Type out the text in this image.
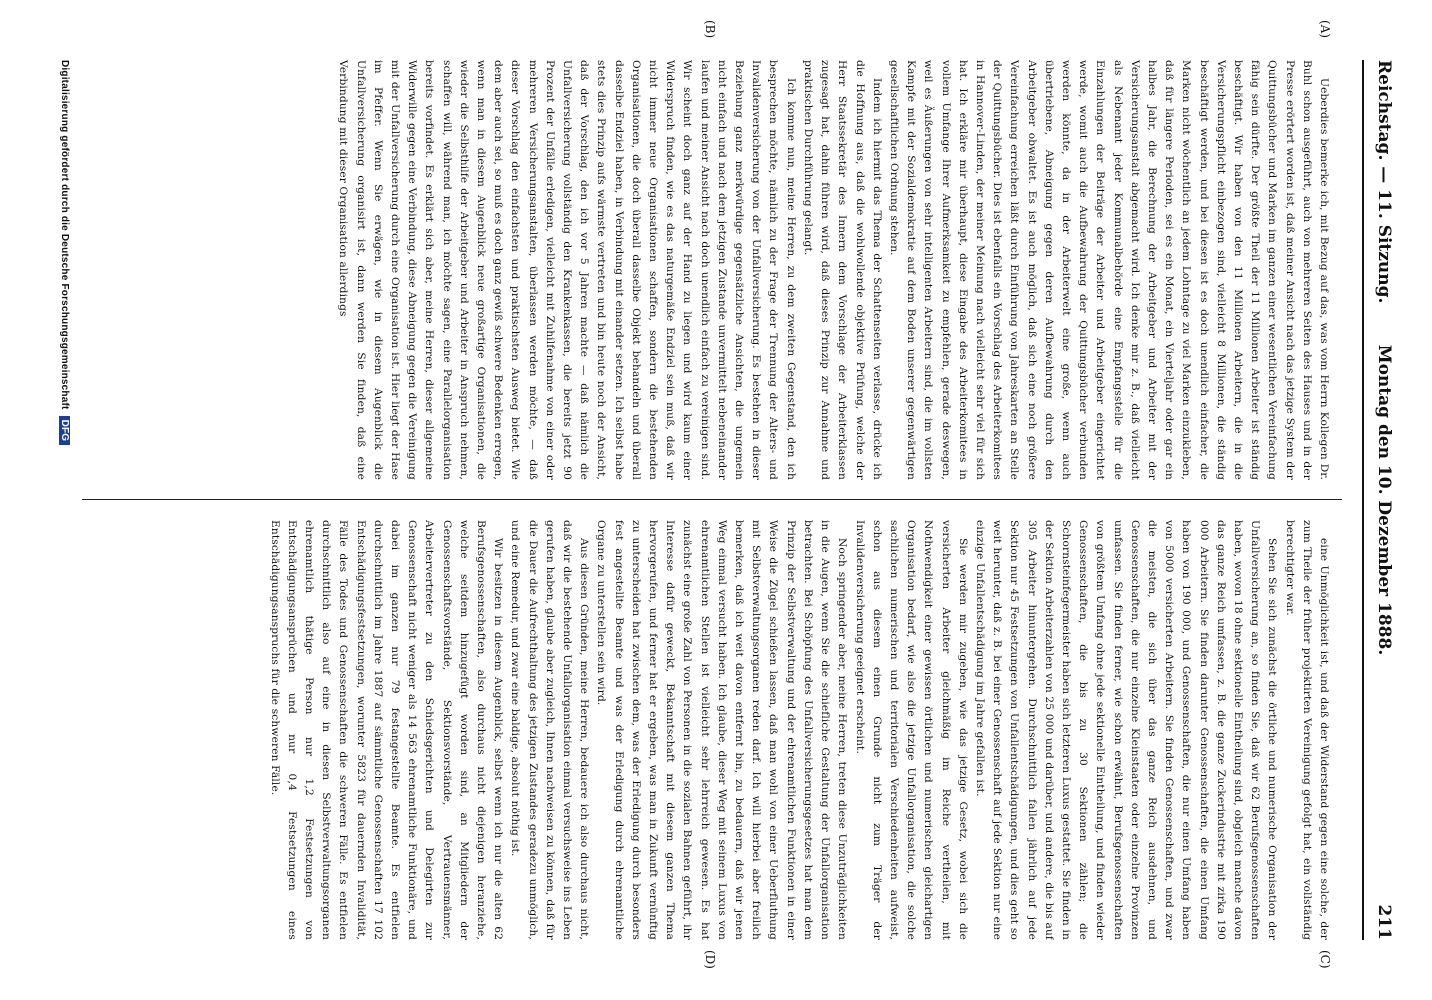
Reichstag. — 11. Sitzung.
Montag den 10. Dezember 1888.
211
(A)
(B)
(C)
(D)

Ueberdies bemerke ich, mit Bezug auf das, was vom Herrn Kollegen Dr. Buhl schon ausgeführt, auch von mehreren Seiten des Hauses und in der Presse erörtert worden ist, daß meiner Ansicht nach das jetzige System der Quittungsbücher und Marken im ganzen einer wesentlichen Vereinfachung fähig sein dürfte. Der größte Theil der 11 Millionen Arbeiter ist ständig beschäftigt. Wir haben von den 11 Millionen Arbeitern, die in die Versicherungspflicht einbezogen sind, vielleicht 8 Millionen, die ständig beschäftigt werden, und bei diesen ist es doch unendlich einfacher, die Marken nicht wöchentlich an jedem Lohntage zu viel Marken einzukleben, daß für längere Perioden, sei es ein Monat, ein Vierteljahr oder gar ein halbes Jahr, die Berechnung der Arbeitgeber und Arbeiter mit der Versicherungsanstalt abgemacht wird. Ich denke mir z. B., daß vielleicht als Nebenamt jeder Kommunalbehörde eine Empfangsstelle für die Einzahlungen der Beiträge der Arbeiter und Arbeitgeber eingerichtet werde, womit auch die Aufbewahrung der Quittungsbücher verbunden werden könnte, da in der Arbeiterwelt eine große, wenn auch übertriebene, Abneigung gegen deren Aufbewahrung durch den Arbeitgeber obwaltet. Es ist auch möglich, daß sich eine noch größere Vereinfachung erreichen läßt durch Einführung von Jahreskarten an Stelle der Quittungsbücher. Dies ist ebenfalls ein Vorschlag des Arbeiterkomitees in Hannover-Linden, der meiner Meinung nach vielleicht sehr viel für sich hat. Ich erkläre mir überhaupt, diese Eingabe des Arbeiterkomitees in vollem Umfange Ihrer Aufmerksamkeit zu empfehlen, gerade deswegen, weil es Äußerungen von sehr intelligenten Arbeitern sind, die im vollsten Kampfe mit der Sozialdemokratie auf dem Boden unserer gegenwärtigen gesellschaftlichen Ordnung stehen.

Indem ich hiermit das Thema der Schattenseiten verlasse, drücke ich die Hoffnung aus, daß die wohlwollende objektive Prüfung, welche der Herr Staatssekretär des Innern dem Vorschlage der Arbeiterklassen zugesagt hat, dahin führen wird, daß dieses Prinzip zur Annahme und praktischen Durchführung gelangt.

Ich komme nun, meine Herren, zu dem zweiten Gegenstand, den ich besprechen möchte, nämlich zu der Frage der Trennung der Alters- und Invalidenversicherung von der Unfallversicherung. Es bestehen in dieser Beziehung ganz merkwürdige gegensätzliche Ansichten, die ungemein nicht einfach und nach dem jetzigen Zustande unvermittelt nebeneinander laufen und meiner Ansicht nach doch unendlich einfach zu vereinigen sind. Wir scheint doch ganz auf der Hand zu liegen und wird kaum einer Widerspruch finden, wie es das naturgemäße Endziel sein muß, daß wir nicht immer neue Organisationen schaffen, sondern die bestehenden Organisationen, die doch überall dasselbe Objekt behandeln und überall dasselbe Endziel haben, in Verbindung mit einander setzen. Ich selbst habe stets dies Prinzip aufs wärmste vertreten und bin heute noch der Ansicht, daß der Vorschlag, den ich vor 5 Jahren machte — daß nämlich die Unfallversicherung vollständig den Krankenkassen, die bereits jetzt 90 Prozent der Unfälle erledigen, vielleicht mit Zuhilfenahme von einer oder mehreren Versicherungsanstalten, überlassen werden möchte, — daß dieser Vorschlag den einfachsten und praktischsten Ausweg bietet. Wie dem aber auch sei, so muß es doch ganz gewiß schwere Bedenken erregen, wenn man in diesem Augenblick neue großartige Organisationen, die wieder die Selbsthilfe der Arbeitgeber und Arbeiter in Anspruch nehmen, schaffen will, während man, ich möchte sagen, eine Parallelorganisation bereits vorfindet. Es erklärt sich aber, meine Herren, dieser allgemeine Widerwille gegen eine Verbindung, diese Abneigung gegen die Vereinigung mit der Unfallversicherung durch eine Organisation ist. Hier liegt der Hase im Pfeffer. Wenn Sie erwägen, wie in diesem Augenblick die Unfallversicherung organisirt ist, dann werden Sie finden, daß eine Verbindung mit dieser Organisation allerdings

eine Unmöglichkeit ist, und daß der Widerstand gegen eine solche, der zum Theile der früher projektirten Vereinigung gefolgt hat, ein vollständig berechtigter war.

Sehen Sie sich zunächst die örtliche und numerische Organisation der Unfallversicherung an, so finden Sie, daß wir 62 Berufsgenossenschaften haben, wovon 18 ohne sektionelle Eintheilung sind, obgleich manche davon das ganze Reich umfassen, z. B. die ganze Zuckerindustrie mit zirka 190 000 Arbeitern. Sie finden darunter Genossenschaften, die einen Umfang haben von 190 000, und Genossenschaften, die nur einen Umfang haben von 5000 versicherten Arbeitern. Sie finden Genossenschaften, und zwar die meisten, die sich über das ganze Reich ausdehnen, und Genossenschaften, die nur einzelne Kleinstaaten oder einzelne Provinzen umfassen. Sie finden ferner, wie schon erwähnt, Berufsgenossenschaften von größtem Umfang ohne jede sektionelle Eintheilung, und finden wieder Genossenschaften, die bis zu 30 Sektionen zählen; die Schornsteinfegermeister haben sich letzteren Luxus gestattet. Sie finden in der Sektion Arbeiterzahlen von 25 000 und darüber, und andere, die bis auf 305 Arbeiter hinuntergehen. Durchschnittlich fallen jährlich auf jede Sektion nur 45 Festsetzungen von Unfallentschädigungen, und dies geht so weit herunter, daß z. B. bei einer Genossenschaft auf jede Sektion nur eine einzige Unfallentschädigung im Jahre gefallen ist.

Sie werden mir zugeben, wie das jetzige Gesetz, wobei sich die versicherten Arbeiter gleichmäßig im Reiche vertheilen, mit Nothwendigkeit einer gewissen örtlichen und numerischen gleichartigen Organisation bedarf, wie also die jetzige Unfallorganisation, die solche sachlichen numerischen und territorialen Verschiedenheiten aufweist, schon aus diesem einen Grunde nicht zum Träger der Invalidenversicherung geeignet erscheint.

Noch springender aber, meine Herren, treten diese Unzuträglichkeiten in die Augen, wenn Sie die schiefliche Gestaltung der Unfallorganisation betrachten. Bei Schöpfung des Unfallversicherungsgesetzes hat man dem Prinzip der Selbstverwaltung und der ehrenamtlichen Funktionen in einer Weise die Zügel schießen lassen, daß man wohl von einer Ueberfluthung mit Selbstverwaltungsorganen reden darf. Ich will hierbei aber freilich bemerken, daß ich weit davon entfernt bin, zu bedauern, daß wir jenen Weg einmal versucht haben. Ich glaube, dieser Weg mit seinem Luxus von ehrenamtlichen Stellen ist vielleicht sehr lehrreich gewesen. Es hat zunächst eine große Zahl von Personen in die sozialen Bahnen geführt, ihr Interesse dafür geweckt, Bekanntschaft mit diesem ganzen Thema hervorgerufen, und ferner hat er ergeben, was man in Zukunft vernünftig zu unterscheiden hat zwischen dem, was der Erledigung durch besonders fest angestellte Beamte und was der Erledigung durch ehrenamtliche Organe zu unterstellen sein wird.

Aus diesen Gründen, meine Herren, bedauere ich also durchaus nicht, daß wir die bestehende Unfallorganisation einmal versuchsweise ins Leben gerufen haben, glaube aber zugleich, Ihnen nachweisen zu können, daß für die Dauer die Aufrechthaltung des jetzigen Zustandes geradezu unmöglich, und eine Remedur, und zwar eine baldige, absolut nöthig ist.

Wir besitzen in diesem Augenblick, selbst wenn ich nur die alten 62 Berufsgenossenschaften, also durchaus nicht diejenigen heranziehe, welche seitdem hinzugefügt worden sind, an Mitgliedern der Genossenschaftsvorstände, Sektionsvorstände, Vertrauensmänner, Arbeitervertreter zu den Schiedsgerichten und Delegirten zur Genossenschaft nicht weniger als 14 563 ehrenamtliche Funktionäre, und dabei im ganzen nur 79 festangestellte Beamte. Es entfielen durchschnittlich im Jahre 1887 auf sämmtliche Genossenschaften 17 102 Entschädigungsfestsetzungen, worunter 5823 für dauernden Invalidität, Fälle des Todes und Genossenschaften die schweren Fälle. Es entfielen durchschnittlich also auf eine in diesen Selbstverwaltungsorganen ehrenamtlich thätige Person nur 1,2 Festsetzungen von Entschädigungsansprüchen und nur 0,4 Festsetzungen eines Entschädigungsanspruchs für die schweren Fälle.

Digitalisierung gefördert durch die Deutsche ForschungsgemeinschaftDFG
